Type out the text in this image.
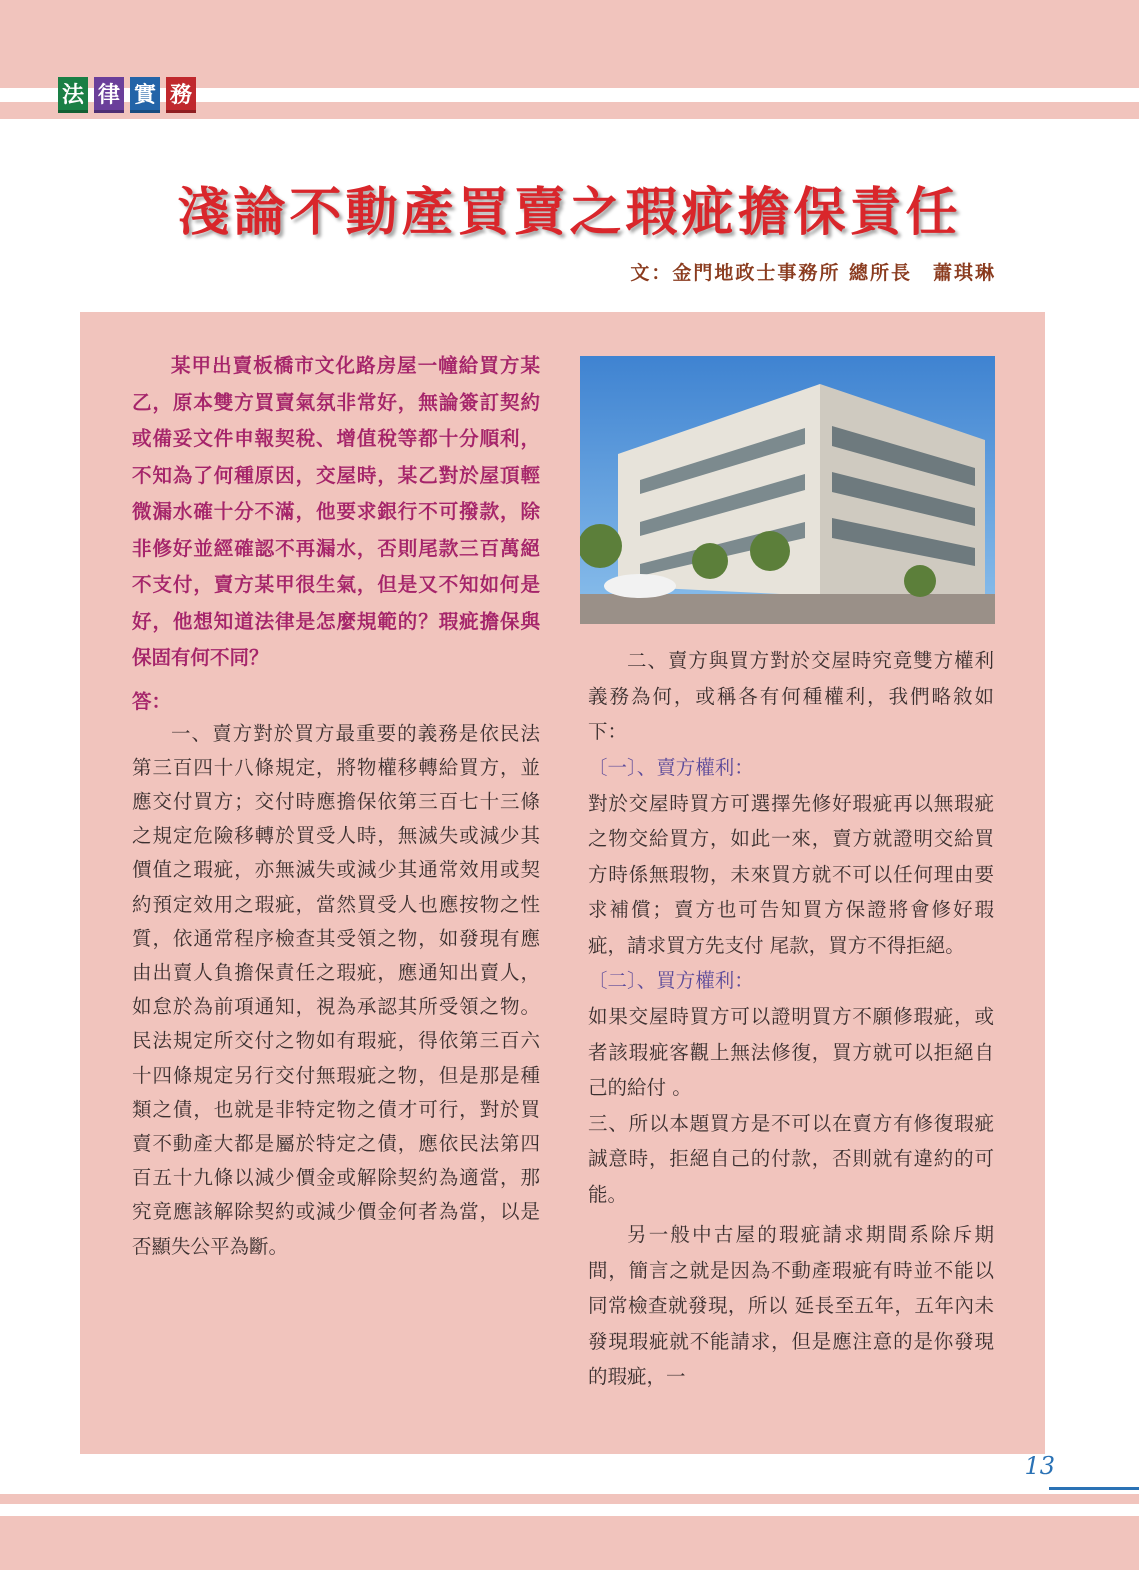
法 律 實 務
淺論不動產買賣之瑕疵擔保責任

文：金門地政士事務所 總所長　蕭琪琳

某甲出賣板橋市文化路房屋一幢給買方某乙，原本雙方買賣氣氛非常好，無論簽訂契約或備妥文件申報契稅、增值稅等都十分順利，不知為了何種原因，交屋時，某乙對於屋頂輕微漏水確十分不滿，他要求銀行不可撥款，除非修好並經確認不再漏水，否則尾款三百萬絕不支付，賣方某甲很生氣，但是又不知如何是好，他想知道法律是怎麼規範的？瑕疵擔保與保固有何不同？

答：

一、賣方對於買方最重要的義務是依民法第三百四十八條規定，將物權移轉給買方，並應交付買方；交付時應擔保依第三百七十三條之規定危險移轉於買受人時，無滅失或減少其價值之瑕疵，亦無滅失或減少其通常效用或契約預定效用之瑕疵，當然買受人也應按物之性質，依通常程序檢查其受領之物，如發現有應由出賣人負擔保責任之瑕疵，應通知出賣人，如怠於為前項通知，視為承認其所受領之物。民法規定所交付之物如有瑕疵，得依第三百六十四條規定另行交付無瑕疵之物，但是那是種類之債，也就是非特定物之債才可行，對於買賣不動產大都是屬於特定之債，應依民法第四百五十九條以減少價金或解除契約為適當，那究竟應該解除契約或減少價金何者為當，以是否顯失公平為斷。

二、賣方與買方對於交屋時究竟雙方權利義務為何，或稱各有何種權利，我們略敘如下：

〔一〕、賣方權利：

對於交屋時買方可選擇先修好瑕疵再以無瑕疵之物交給買方，如此一來，賣方就證明交給買方時係無瑕物，未來買方就不可以任何理由要求補償；賣方也可告知買方保證將會修好瑕疵，請求買方先支付 尾款，買方不得拒絕。

〔二〕、買方權利：

如果交屋時買方可以證明買方不願修瑕疵，或者該瑕疵客觀上無法修復，買方就可以拒絕自己的給付 。

三、所以本題買方是不可以在賣方有修復瑕疵誠意時，拒絕自己的付款，否則就有違約的可能。

另一般中古屋的瑕疵請求期間系除斥期間，簡言之就是因為不動產瑕疵有時並不能以同常檢查就發現，所以 延長至五年，五年內未發現瑕疵就不能請求，但是應注意的是你發現的瑕疵，一

13
